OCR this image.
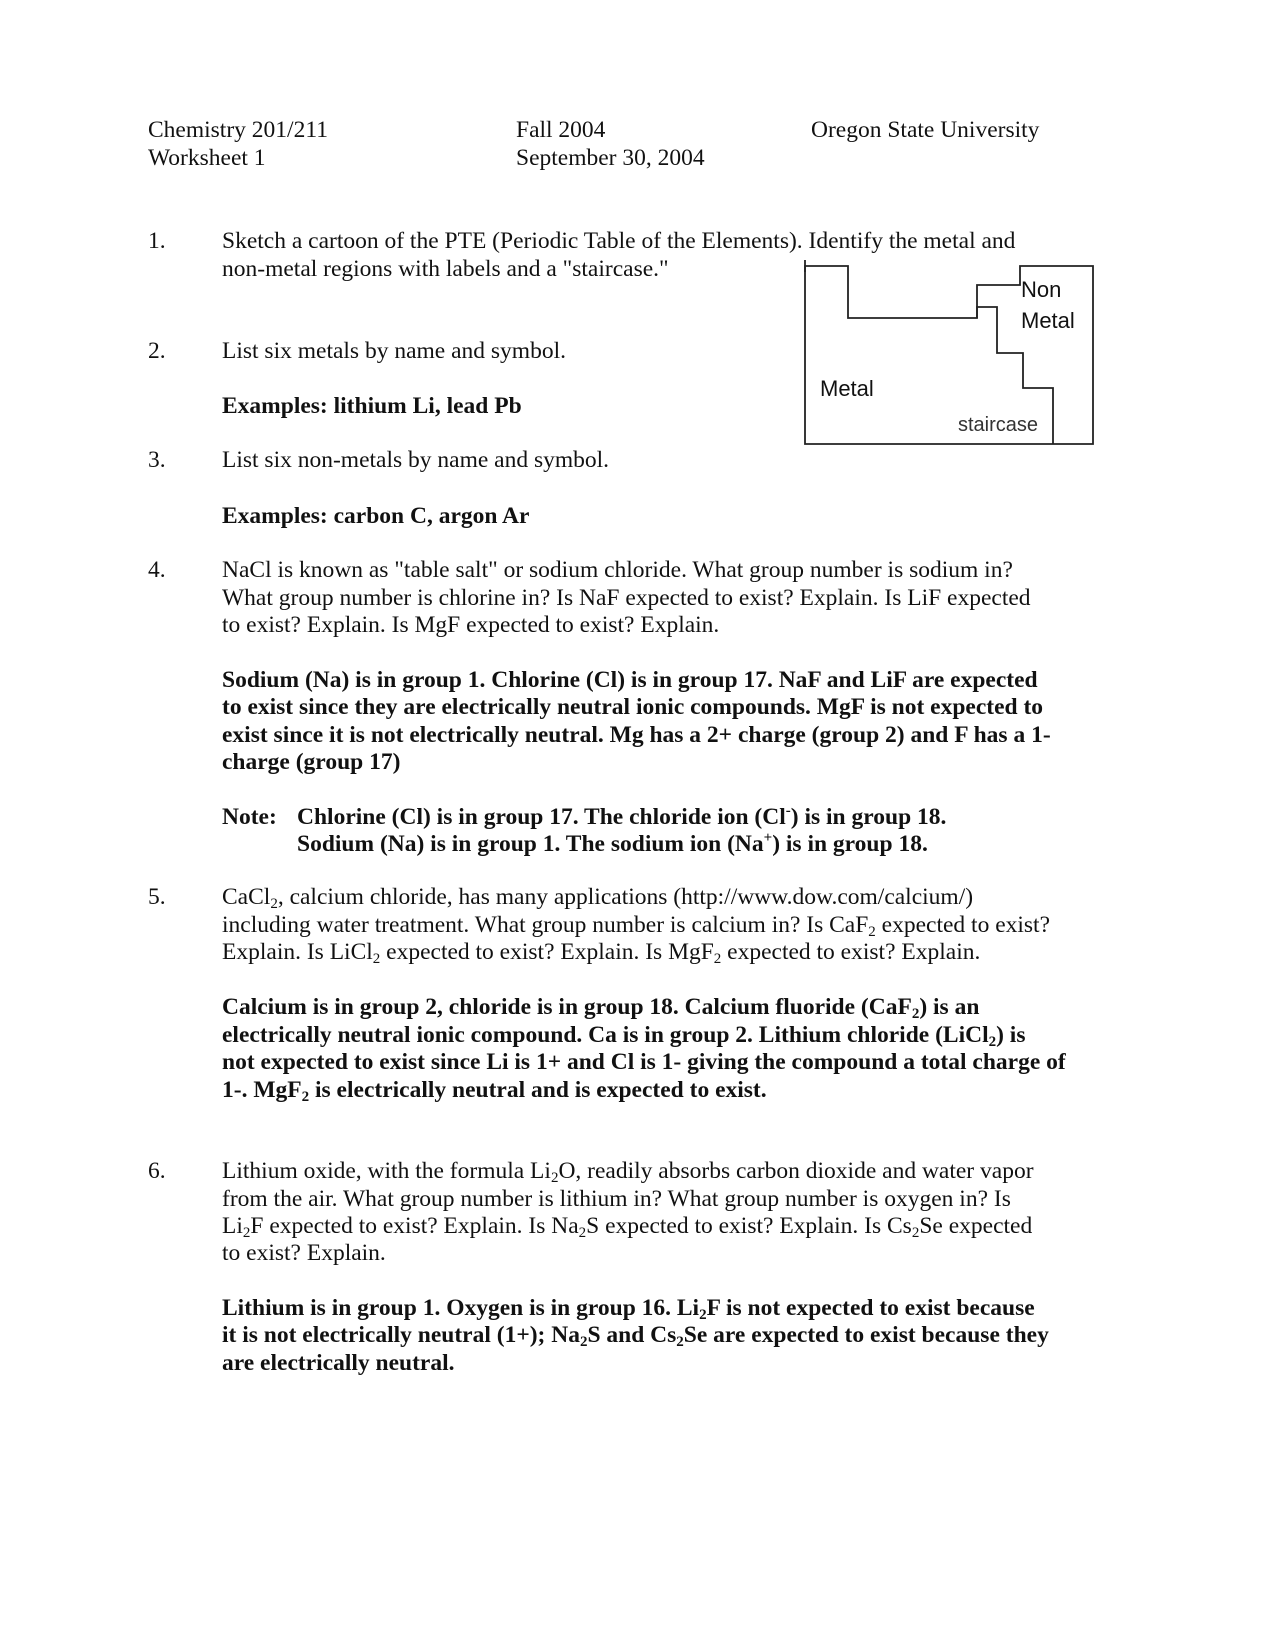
Chemistry 201/211
Worksheet 1
Fall 2004
September 30, 2004
Oregon State University
1. Sketch a cartoon of the PTE (Periodic Table of the Elements). Identify the metal and
non-metal regions with labels and a "staircase."
Non
Metal
Metal
staircase
2. List six metals by name and symbol.
Examples: lithium Li, lead Pb
3. List six non-metals by name and symbol.
Examples: carbon C, argon Ar
4. NaCl is known as "table salt" or sodium chloride. What group number is sodium in?
What group number is chlorine in? Is NaF expected to exist? Explain. Is LiF expected
to exist? Explain. Is MgF expected to exist? Explain.
Sodium (Na) is in group 1. Chlorine (Cl) is in group 17. NaF and LiF are expected
to exist since they are electrically neutral ionic compounds. MgF is not expected to
exist since it is not electrically neutral. Mg has a 2+ charge (group 2) and F has a 1-
charge (group 17)
Note: Chlorine (Cl) is in group 17. The chloride ion (Cl-) is in group 18.
Sodium (Na) is in group 1. The sodium ion (Na+) is in group 18.
5. CaCl$_2$, calcium chloride, has many applications (http://www.dow.com/calcium/)
including water treatment. What group number is calcium in? Is CaF$_2$ expected to exist?
Explain. Is LiCl$_2$ expected to exist? Explain. Is MgF$_2$ expected to exist? Explain.
Calcium is in group 2, chloride is in group 18. Calcium fluoride (CaF$_2$) is an
electrically neutral ionic compound. Ca is in group 2. Lithium chloride (LiCl$_2$) is
not expected to exist since Li is 1+ and Cl is 1- giving the compound a total charge of
1-. MgF$_2$ is electrically neutral and is expected to exist.
6. Lithium oxide, with the formula $Li_2O$, readily absorbs carbon dioxide and water vapor
from the air. What group number is lithium in? What group number is oxygen in? Is
$Li_2F$ expected to exist? Explain. Is $Na_2S$ expected to exist? Explain. Is $Cs_2Se$ expected
to exist? Explain.
Lithium is in group 1. Oxygen is in group 16. $Li_2F$ is not expected to exist because
it is not electrically neutral (1+); $Na_2S$ and $Cs_2Se$ are expected to exist because they
are electrically neutral.
